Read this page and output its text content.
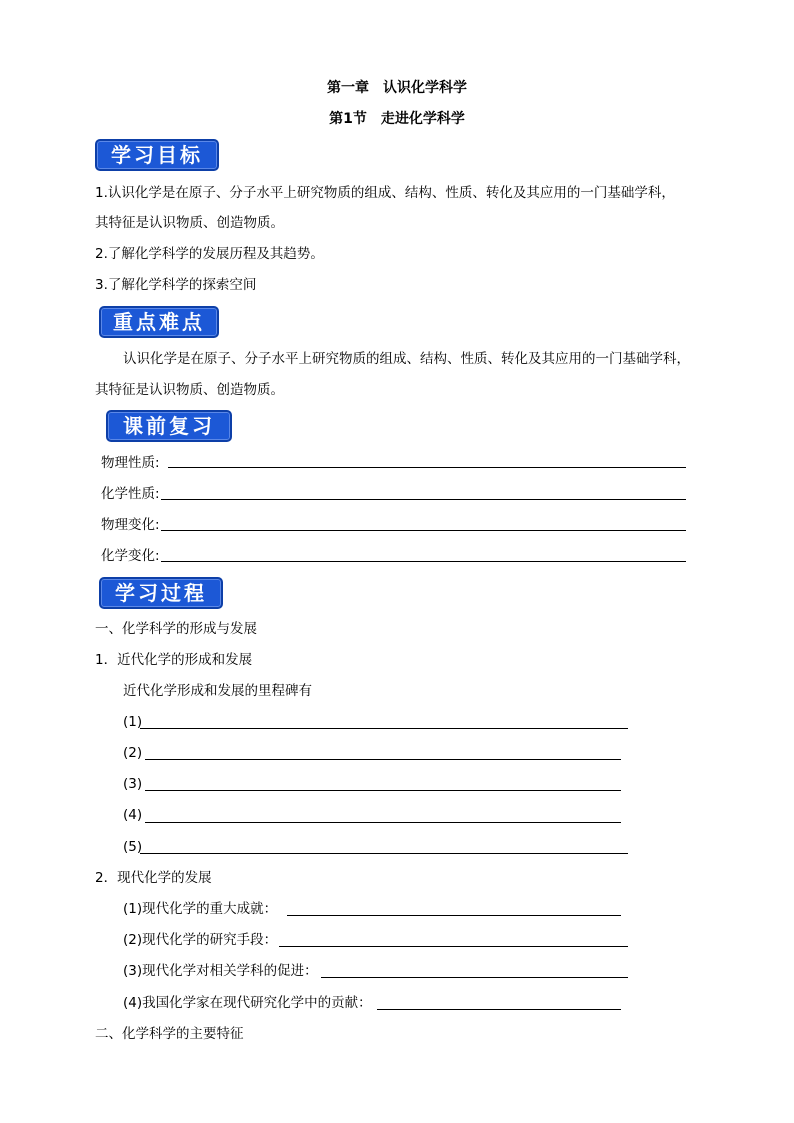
第一章　认识化学科学
第1节　走进化学科学
学习目标
1.认识化学是在原子、分子水平上研究物质的组成、结构、性质、转化及其应用的一门基础学科，
其特征是认识物质、创造物质。
2.了解化学科学的发展历程及其趋势。
3.了解化学科学的探索空间
重点难点
认识化学是在原子、分子水平上研究物质的组成、结构、性质、转化及其应用的一门基础学科，
其特征是认识物质、创造物质。
课前复习
物理性质:
化学性质:
物理变化:
化学变化:
学习过程
一、化学科学的形成与发展
1．近代化学的形成和发展
近代化学形成和发展的里程碑有
(1)
(2)
(3)
(4)
(5)
2．现代化学的发展
(1)现代化学的重大成就：
(2)现代化学的研究手段：
(3)现代化学对相关学科的促进：
(4)我国化学家在现代研究化学中的贡献：
二、化学科学的主要特征
